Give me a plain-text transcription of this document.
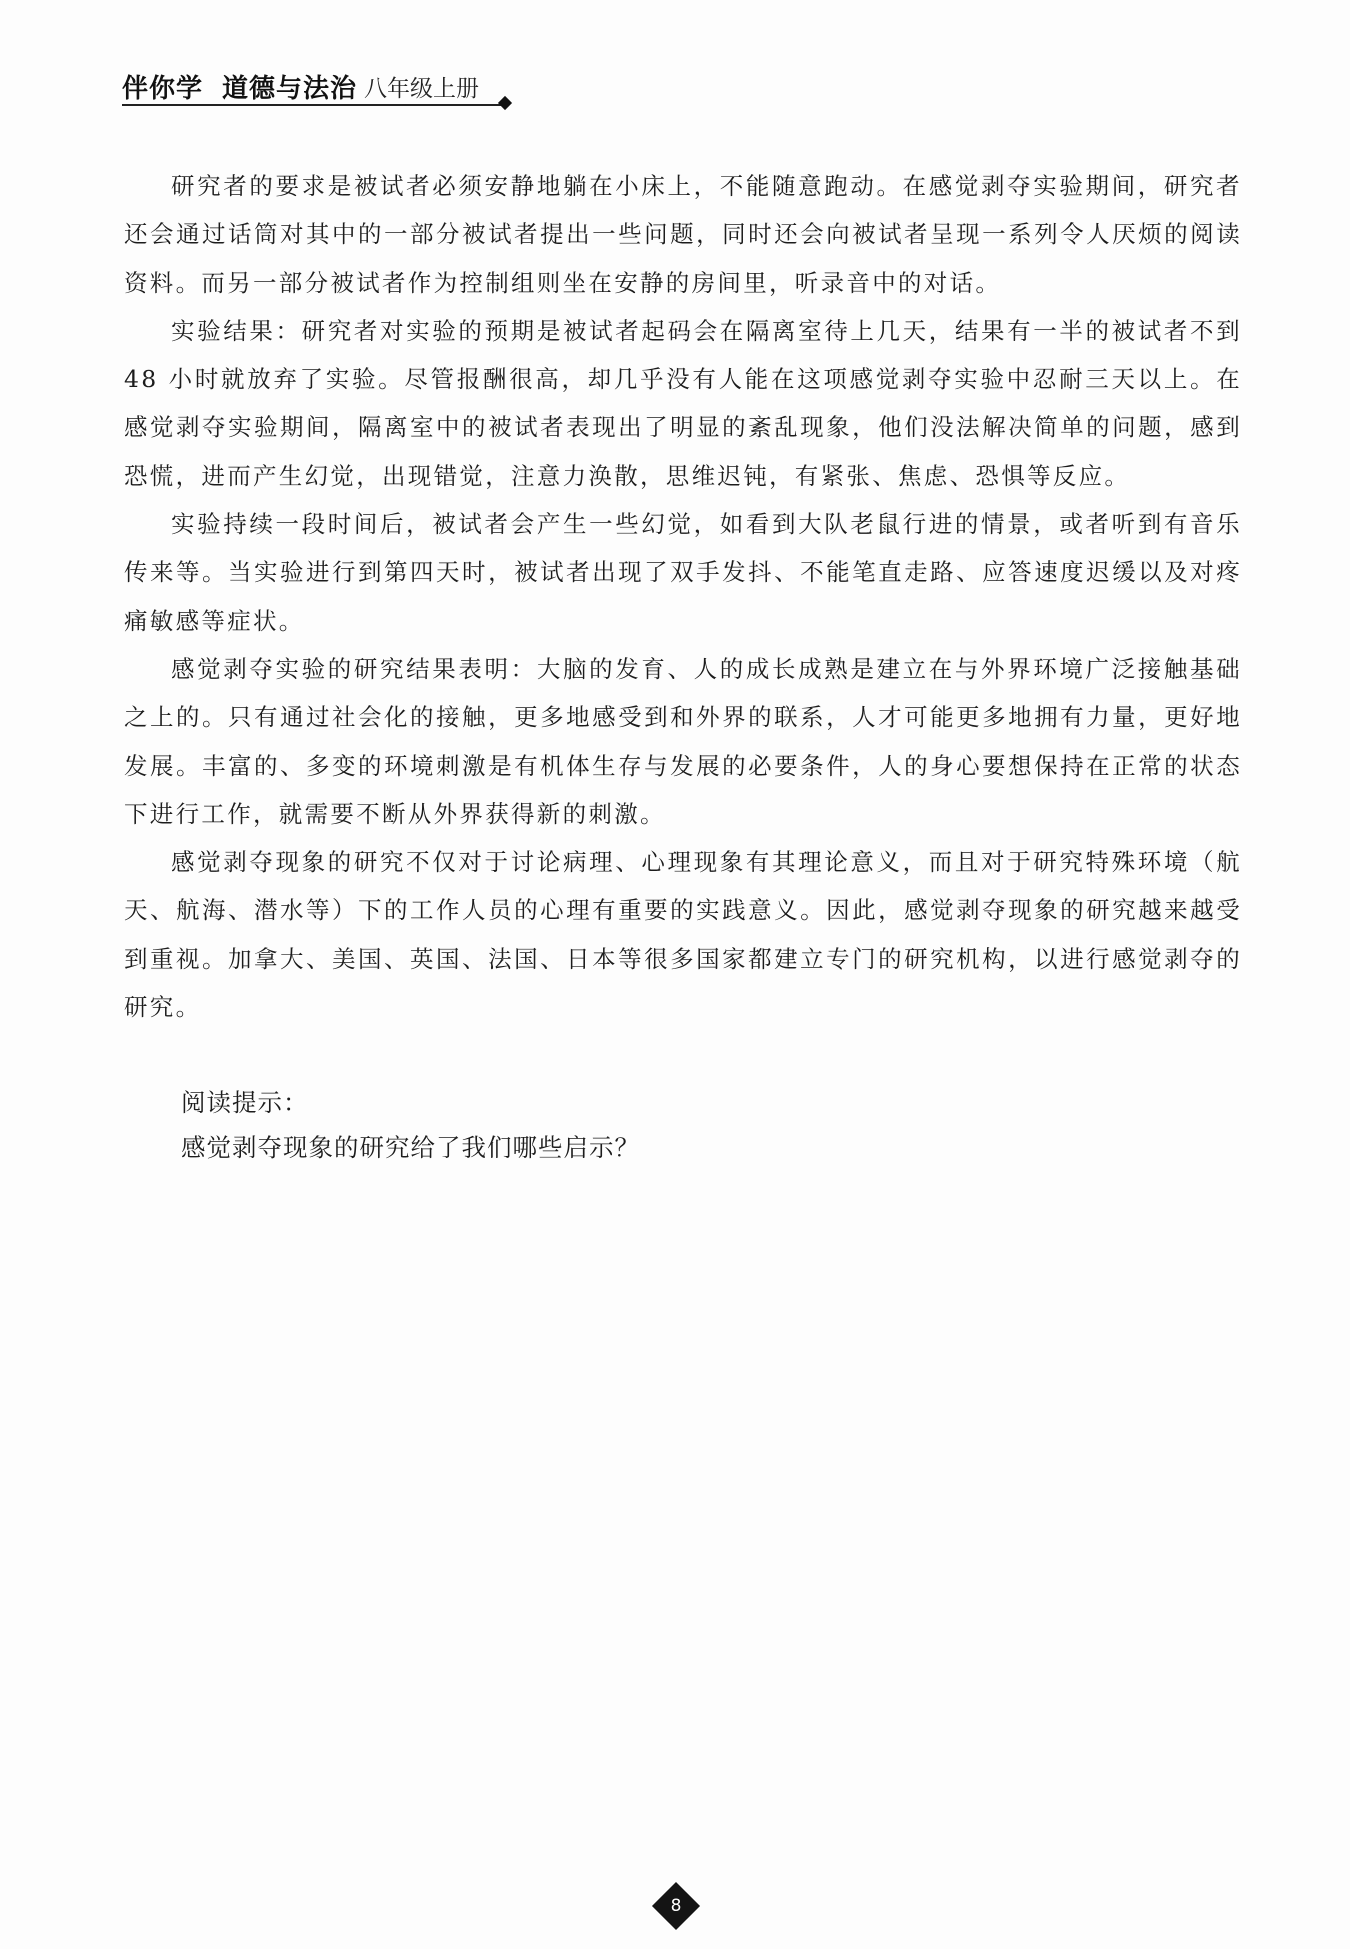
伴你学 道德与法治 八年级上册

研究者的要求是被试者必须安静地躺在小床上，不能随意跑动。在感觉剥夺实验期间，研究者还会通过话筒对其中的一部分被试者提出一些问题，同时还会向被试者呈现一系列令人厌烦的阅读资料。而另一部分被试者作为控制组则坐在安静的房间里，听录音中的对话。

实验结果：研究者对实验的预期是被试者起码会在隔离室待上几天，结果有一半的被试者不到 48 小时就放弃了实验。尽管报酬很高，却几乎没有人能在这项感觉剥夺实验中忍耐三天以上。在感觉剥夺实验期间，隔离室中的被试者表现出了明显的紊乱现象，他们没法解决简单的问题，感到恐慌，进而产生幻觉，出现错觉，注意力涣散，思维迟钝，有紧张、焦虑、恐惧等反应。

实验持续一段时间后，被试者会产生一些幻觉，如看到大队老鼠行进的情景，或者听到有音乐传来等。当实验进行到第四天时，被试者出现了双手发抖、不能笔直走路、应答速度迟缓以及对疼痛敏感等症状。

感觉剥夺实验的研究结果表明：大脑的发育、人的成长成熟是建立在与外界环境广泛接触基础之上的。只有通过社会化的接触，更多地感受到和外界的联系，人才可能更多地拥有力量，更好地发展。丰富的、多变的环境刺激是有机体生存与发展的必要条件，人的身心要想保持在正常的状态下进行工作，就需要不断从外界获得新的刺激。

感觉剥夺现象的研究不仅对于讨论病理、心理现象有其理论意义，而且对于研究特殊环境（航天、航海、潜水等）下的工作人员的心理有重要的实践意义。因此，感觉剥夺现象的研究越来越受到重视。加拿大、美国、英国、法国、日本等很多国家都建立专门的研究机构，以进行感觉剥夺的研究。

阅读提示：
感觉剥夺现象的研究给了我们哪些启示？
8
